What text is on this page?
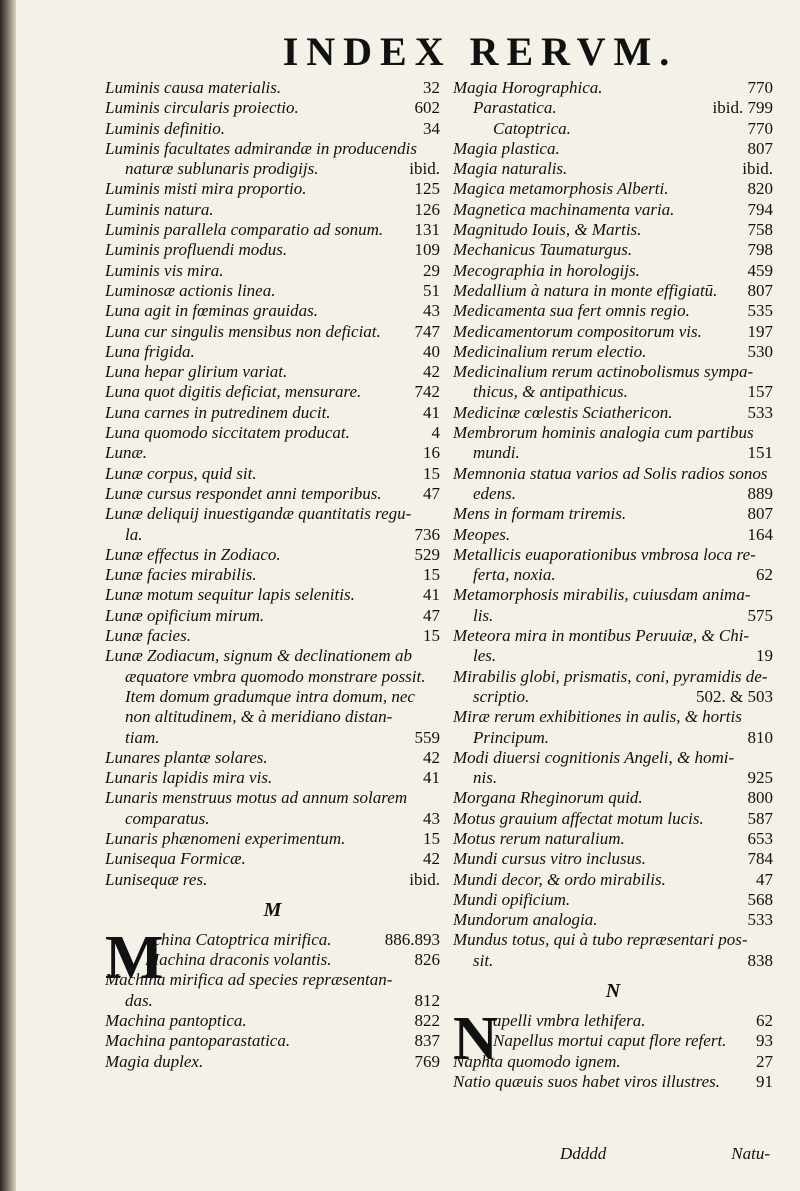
INDEX RERVM.
Luminis causa materialis.	32
Luminis circularis proiectio.	602
Luminis definitio.	34
Luminis facultates admirandæ in producendis
naturæ sublunaris prodigijs.	ibid.
Luminis misti mira proportio.	125
Luminis natura.	126
Luminis parallela comparatio ad sonum. 131
Luminis profluendi modus.	109
Luminis vis mira.	29
Luminosæ actionis linea.	51
Luna agit in fœminas grauidas.	43
Luna cur singulis mensibus non deficiat. 747
Luna frigida.	40
Luna hepar glirium variat.	42
Luna quot digitis deficiat, mensurare.	742
Luna carnes in putredinem ducit.	41
Luna quomodo siccitatem producat.	4
Lunæ.	16
Lunæ corpus, quid sit.	15
Lunæ cursus respondet anni temporibus. 47
Lunæ deliquij inuestigandæ quantitatis regu-
la.	736
Lunæ effectus in Zodiaco.	529
Lunæ facies mirabilis.	15
Lunæ motum sequitur lapis selenitis.	41
Lunæ opificium mirum.	47
Lunæ facies.	15
Lunæ Zodiacum, signum & declinationem ab
æquatore vmbra quomodo monstrare possit.
Item domum gradumque intra domum, nec
non altitudinem, & à meridiano distan-
tiam.	559
Lunares plantæ solares.	42
Lunaris lapidis mira vis.	41
Lunaris menstruus motus ad annum solarem
comparatus.	43
Lunaris phænomeni experimentum.	15
Lunisequa Formicæ.	42
Lunisequæ res.	ibid.
M
M
achina Catoptrica mirifica.	886.893
Machina draconis volantis.	826
Machina mirifica ad species repræsentan-
das.	812
Machina pantoptica.	822
Machina pantoparastatica.	837
Magia duplex.	769
Magia Horographica.	770
Parastatica.	ibid. 799
Catoptrica.	770
Magia plastica.	807
Magia naturalis.	ibid.
Magica metamorphosis Alberti.	820
Magnetica machinamenta varia.	794
Magnitudo Iouis, & Martis.	758
Mechanicus Taumaturgus.	798
Mecographia in horologijs.	459
Medallium à natura in monte effigiatū. 807
Medicamenta sua fert omnis regio.	535
Medicamentorum compositorum vis.	197
Medicinalium rerum electio.	530
Medicinalium rerum actinobolismus sympa-
thicus, & antipathicus.	157
Medicinæ cœlestis Sciathericon.	533
Membrorum hominis analogia cum partibus
mundi.	151
Memnonia statua varios ad Solis radios sonos
edens.	889
Mens in formam triremis.	807
Meopes.	164
Metallicis euaporationibus vmbrosa loca re-
ferta, noxia.	62
Metamorphosis mirabilis, cuiusdam anima-
lis.	575
Meteora mira in montibus Peruuiæ, & Chi-
les.	19
Mirabilis globi, prismatis, coni, pyramidis de-
scriptio.	502. & 503
Miræ rerum exhibitiones in aulis, & hortis
Principum.	810
Modi diuersi cognitionis Angeli, & homi-
nis.	925
Morgana Rheginorum quid.	800
Motus grauium affectat motum lucis.	587
Motus rerum naturalium.	653
Mundi cursus vitro inclusus.	784
Mundi decor, & ordo mirabilis.	47
Mundi opificium.	568
Mundorum analogia.	533
Mundus totus, qui à tubo repræsentari pos-
sit.	838
N
N
apelli vmbra lethifera.	62
Napellus mortui caput flore refert. 93
Naphta quomodo ignem.	27
Natio quæuis suos habet viros illustres. 91
Ddddd	Natu-
